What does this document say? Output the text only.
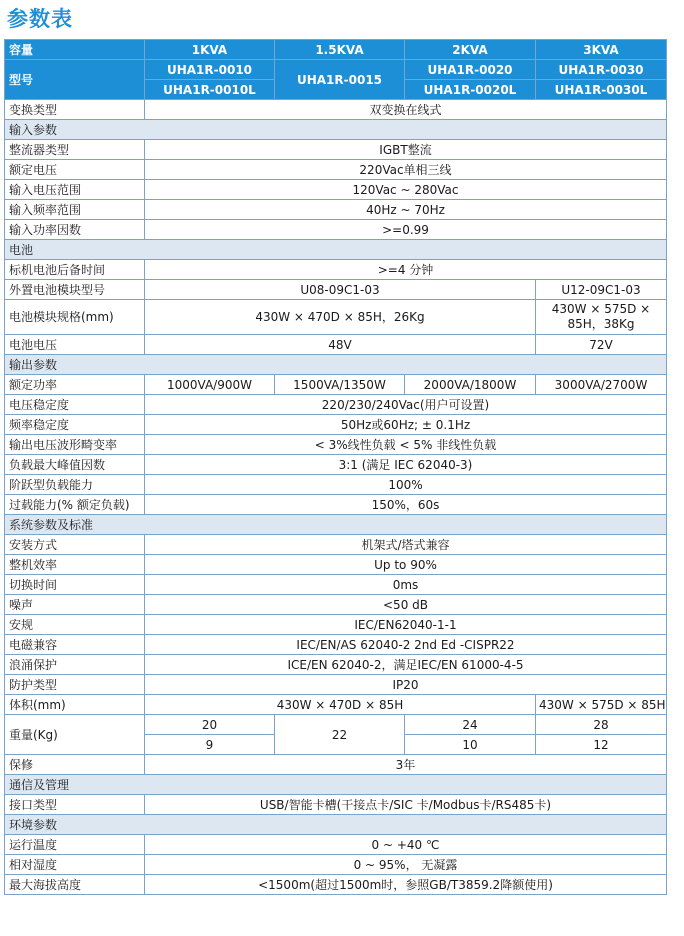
参数表
容量	1KVA	1.5KVA	2KVA	3KVA
型号	UHA1R-0010	UHA1R-0015	UHA1R-0020	UHA1R-0030
	UHA1R-0010L		UHA1R-0020L	UHA1R-0030L
变换类型	双变换在线式			
输入参数				
整流器类型	IGBT整流			
额定电压	220Vac单相三线			
输入电压范围	120Vac ~ 280Vac			
输入频率范围	40Hz ~ 70Hz			
输入功率因数	>=0.99			
电池				
标机电池后备时间	>=4 分钟			
外置电池模块型号	U08-09C1-03			U12-09C1-03
电池模块规格(mm)	430W × 470D × 85H，26Kg			430W × 575D × 85H，38Kg
电池电压	48V			72V
输出参数				
额定功率	1000VA/900W	1500VA/1350W	2000VA/1800W	3000VA/2700W
电压稳定度	220/230/240Vac(用户可设置)			
频率稳定度	50Hz或60Hz; ± 0.1Hz			
输出电压波形畸变率	< 3%线性负载 < 5% 非线性负载			
负载最大峰值因数	3:1 (满足 IEC 62040-3)			
阶跃型负载能力	100%			
过载能力(% 额定负载)	150%，60s			
系统参数及标准				
安装方式	机架式/塔式兼容			
整机效率	Up to 90%			
切换时间	0ms			
噪声	<50 dB			
安规	IEC/EN62040-1-1			
电磁兼容	IEC/EN/AS 62040-2 2nd Ed -CISPR22			
浪涌保护	ICE/EN 62040-2，满足IEC/EN 61000-4-5			
防护类型	IP20			
体积(mm)	430W × 470D × 85H			430W × 575D × 85H
重量(Kg)	20	22	24	28
	9		10	12
保修	3年			
通信及管理				
接口类型	USB/智能卡槽(干接点卡/SIC 卡/Modbus卡/RS485卡)			
环境参数				
运行温度	0 ~ +40 ℃			
相对湿度	0 ~ 95%， 无凝露			
最大海拔高度	<1500m(超过1500m时，参照GB/T3859.2降额使用)			
